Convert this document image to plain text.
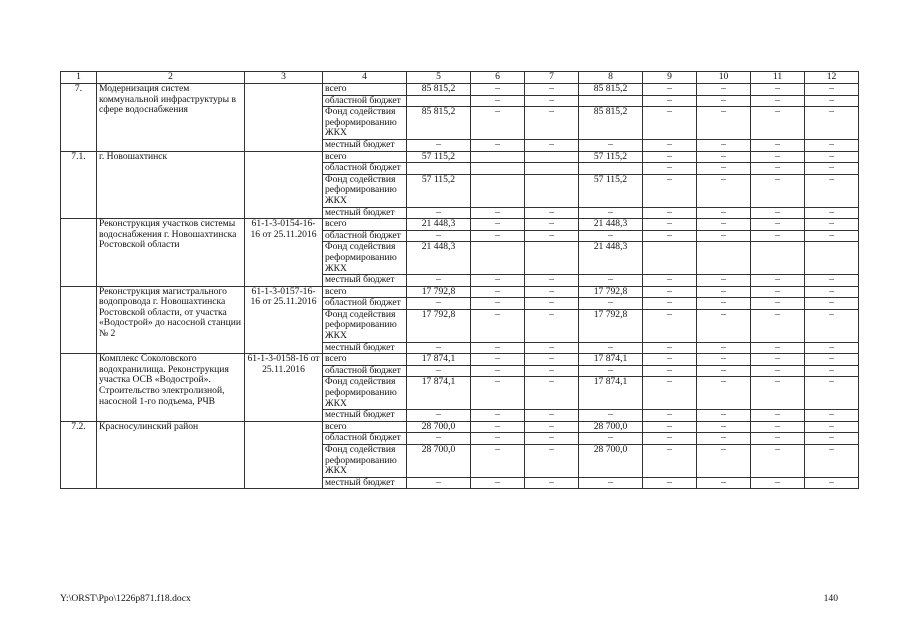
1	2	3	4	5	6	7	8	9	10	11	12
7.	Модернизация систем коммунальной инфраструктуры в сфере водоснабжения		всего	85 815,2	–	–	85 815,2	–	–	–	–
			областной бюджет		–	–		–	–	–	–
			Фонд содействия реформированию ЖКХ	85 815,2	–	–	85 815,2	–	–	–	–
			местный бюджет	–	–	–	–	–	–	–	–
7.1.	г. Новошахтинск		всего	57 115,2			57 115,2	–	–	–	–
			областной бюджет					–	–	–	–
			Фонд содействия реформированию ЖКХ	57 115,2			57 115,2	–	–	–	–
			местный бюджет	–	–	–	–	–	–	–	–
	Реконструкция участков системы водоснабжения г. Новошахтинска Ростовской области	61-1-3-0154-16-16 от 25.11.2016	всего	21 448,3	–	–	21 448,3	–	–	–	–
			областной бюджет	–	–	–	–	–	–	–	–
			Фонд содействия реформированию ЖКХ	21 448,3			21 448,3				
			местный бюджет	–	–	–	–	–	–	–	–
	Реконструкция магистрального водопровода г. Новошахтинска Ростовской области, от участка «Водострой» до насосной станции № 2	61-1-3-0157-16-16 от 25.11.2016	всего	17 792,8	–	–	17 792,8	–	–	–	–
			областной бюджет	–	–	–	–	–	–	–	–
			Фонд содействия реформированию ЖКХ	17 792,8	–	–	17 792,8	–	–	–	–
			местный бюджет	–	–	–	–	–	–	–	–
	Комплекс Соколовского водохранилища. Реконструкция участка ОСВ «Водострой». Строительство электролизной, насосной 1-го подъема, РЧВ	61-1-3-0158-16 от 25.11.2016	всего	17 874,1	–	–	17 874,1	–	–	–	–
			областной бюджет	–	–	–	–	–	–	–	–
			Фонд содействия реформированию ЖКХ	17 874,1	–	–	17 874,1	–	–	–	–
			местный бюджет	–	–	–	–	–	–	–	–
7.2.	Красносулинский район		всего	28 700,0	–	–	28 700,0	–	–	–	–
			областной бюджет	–	–	–	–	–	–	–	–
			Фонд содействия реформированию ЖКХ	28 700,0	–	–	28 700,0	–	–	–	–
			местный бюджет	–	–	–	–	–	–	–	–
Y:\ORST\Ppo\1226p871.f18.docx	140
